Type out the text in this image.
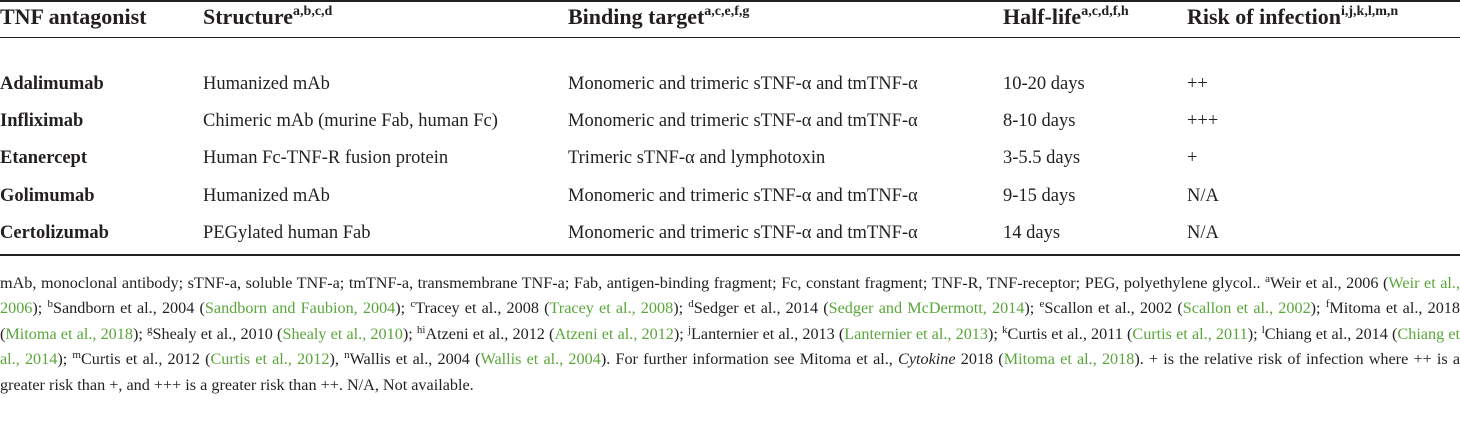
TNF antagonist	Structure$^{a,b,c,d}$	Binding target$^{a,c,e,f,g}$	Half-life$^{a,c,d,f,h}$	Risk of infection$^{i,j,k,l,m,n}$
Adalimumab	Humanized mAb	Monomeric and trimeric sTNF-α and tmTNF-α	10-20 days	++
Infliximab	Chimeric mAb (murine Fab, human Fc)	Monomeric and trimeric sTNF-α and tmTNF-α	8-10 days	+++
Etanercept	Human Fc-TNF-R fusion protein	Trimeric sTNF-α and lymphotoxin	3-5.5 days	+
Golimumab	Humanized mAb	Monomeric and trimeric sTNF-α and tmTNF-α	9-15 days	N/A
Certolizumab	PEGylated human Fab	Monomeric and trimeric sTNF-α and tmTNF-α	14 days	N/A
mAb, monoclonal antibody; sTNF-a, soluble TNF-a; tmTNF-a, transmembrane TNF-a; Fab, antigen-binding fragment; Fc, constant fragment; TNF-R, TNF-receptor; PEG, polyethylene glycol.. $^a$Weir et al., 2006 (Weir et al., 2006); $^b$Sandborn et al., 2004 (Sandborn and Faubion, 2004); $^c$Tracey et al., 2008 (Tracey et al., 2008); $^d$Sedger et al., 2014 (Sedger and McDermott, 2014); $^e$Scallon et al., 2002 (Scallon et al., 2002); $^f$Mitoma et al., 2018 (Mitoma et al., 2018); $^g$Shealy et al., 2010 (Shealy et al., 2010); $^{hi}$Atzeni et al., 2012 (Atzeni et al., 2012); $^j$Lanternier et al., 2013 (Lanternier et al., 2013); $^k$Curtis et al., 2011 (Curtis et al., 2011); $^l$Chiang et al., 2014 (Chiang et al., 2014); $^m$Curtis et al., 2012 (Curtis et al., 2012), $^n$Wallis et al., 2004 (Wallis et al., 2004). For further information see Mitoma et al., Cytokine 2018 (Mitoma et al., 2018). + is the relative risk of infection where ++ is a greater risk than +, and +++ is a greater risk than ++. N/A, Not available.
